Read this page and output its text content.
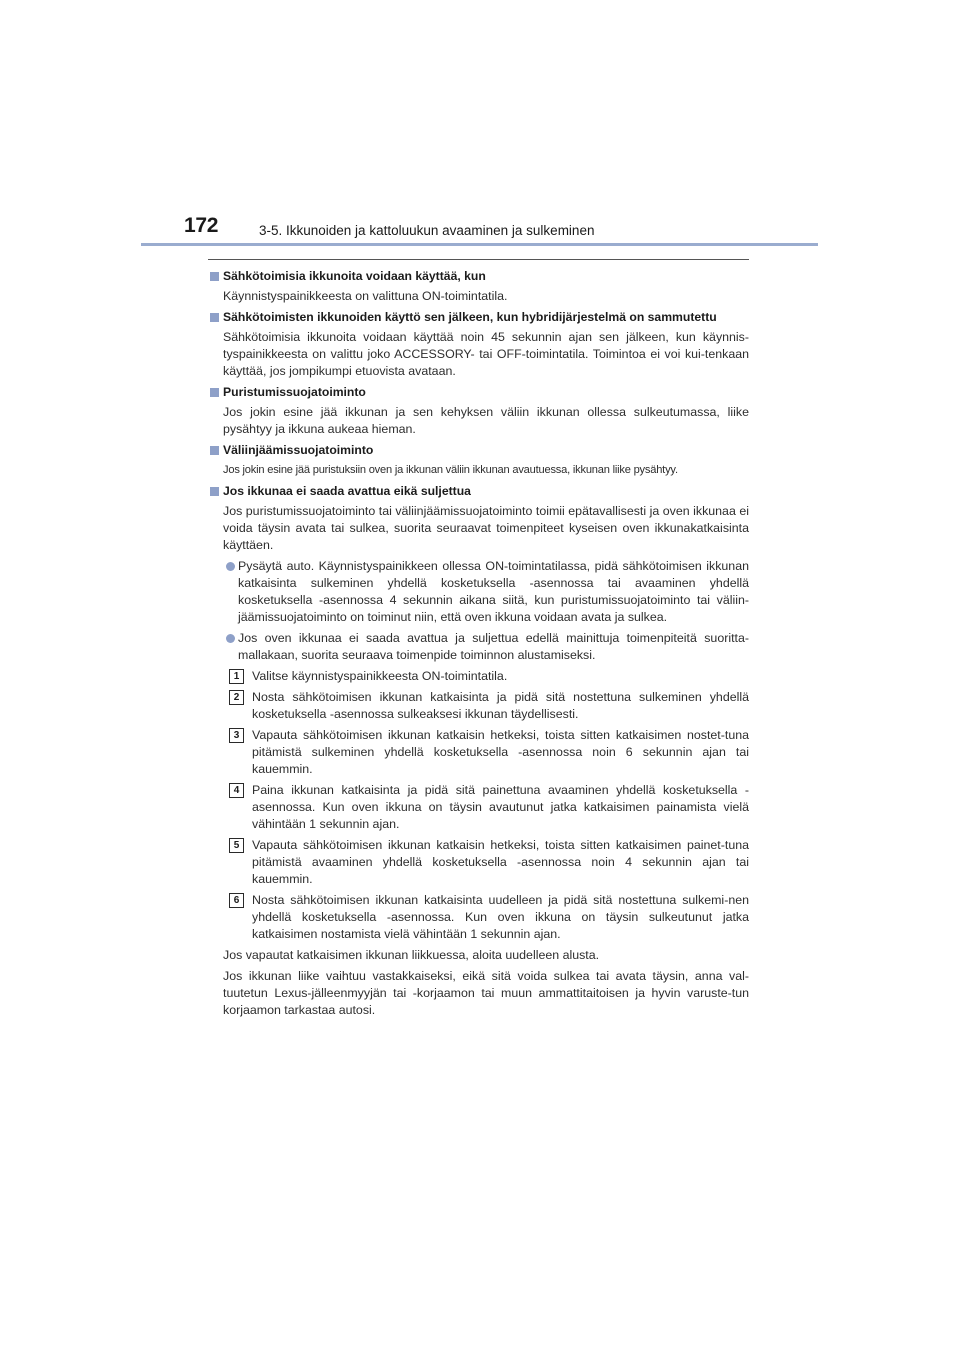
172	3-5. Ikkunoiden ja kattoluukun avaaminen ja sulkeminen
Sähkötoimisia ikkunoita voidaan käyttää, kun
Käynnistyspainikkeesta on valittuna ON-toimintatila.
Sähkötoimisten ikkunoiden käyttö sen jälkeen, kun hybridijärjestelmä on sammutettu
Sähkötoimisia ikkunoita voidaan käyttää noin 45 sekunnin ajan sen jälkeen, kun käynnis-tyspainikkeesta on valittu joko ACCESSORY- tai OFF-toimintatila. Toimintoa ei voi kui-tenkaan käyttää, jos jompikumpi etuovista avataan.
Puristumissuojatoiminto
Jos jokin esine jää ikkunan ja sen kehyksen väliin ikkunan ollessa sulkeutumassa, liike pysähtyy ja ikkuna aukeaa hieman.
Väliinjäämissuojatoiminto
Jos jokin esine jää puristuksiin oven ja ikkunan väliin ikkunan avautuessa, ikkunan liike pysähtyy.
Jos ikkunaa ei saada avattua eikä suljettua
Jos puristumissuojatoiminto tai väliinjäämissuojatoiminto toimii epätavallisesti ja oven ikkunaa ei voida täysin avata tai sulkea, suorita seuraavat toimenpiteet kyseisen oven ikkunakatkaisinta käyttäen.
Pysäytä auto. Käynnistyspainikkeen ollessa ON-toimintatilassa, pidä sähkötoimisen ikkunan katkaisinta sulkeminen yhdellä kosketuksella -asennossa tai avaaminen yhdellä kosketuksella -asennossa 4 sekunnin aikana siitä, kun puristumissuojatoiminto tai väliin-jäämissuojatoiminto on toiminut niin, että oven ikkuna voidaan avata ja sulkea.
Jos oven ikkunaa ei saada avattua ja suljettua edellä mainittuja toimenpiteitä suoritta-mallakaan, suorita seuraava toimenpide toiminnon alustamiseksi.
1	Valitse käynnistyspainikkeesta ON-toimintatila.
2	Nosta sähkötoimisen ikkunan katkaisinta ja pidä sitä nostettuna sulkeminen yhdellä kosketuksella -asennossa sulkeaksesi ikkunan täydellisesti.
3	Vapauta sähkötoimisen ikkunan katkaisin hetkeksi, toista sitten katkaisimen nostet-tuna pitämistä sulkeminen yhdellä kosketuksella -asennossa noin 6 sekunnin ajan tai kauemmin.
4	Paina ikkunan katkaisinta ja pidä sitä painettuna avaaminen yhdellä kosketuksella -asennossa. Kun oven ikkuna on täysin avautunut jatka katkaisimen painamista vielä vähintään 1 sekunnin ajan.
5	Vapauta sähkötoimisen ikkunan katkaisin hetkeksi, toista sitten katkaisimen painet-tuna pitämistä avaaminen yhdellä kosketuksella -asennossa noin 4 sekunnin ajan tai kauemmin.
6	Nosta sähkötoimisen ikkunan katkaisinta uudelleen ja pidä sitä nostettuna sulkemi-nen yhdellä kosketuksella -asennossa. Kun oven ikkuna on täysin sulkeutunut jatka katkaisimen nostamista vielä vähintään 1 sekunnin ajan.
Jos vapautat katkaisimen ikkunan liikkuessa, aloita uudelleen alusta.
Jos ikkunan liike vaihtuu vastakkaiseksi, eikä sitä voida sulkea tai avata täysin, anna val-tuutetun Lexus-jälleenmyyjän tai -korjaamon tai muun ammattitaitoisen ja hyvin varuste-tun korjaamon tarkastaa autosi.
